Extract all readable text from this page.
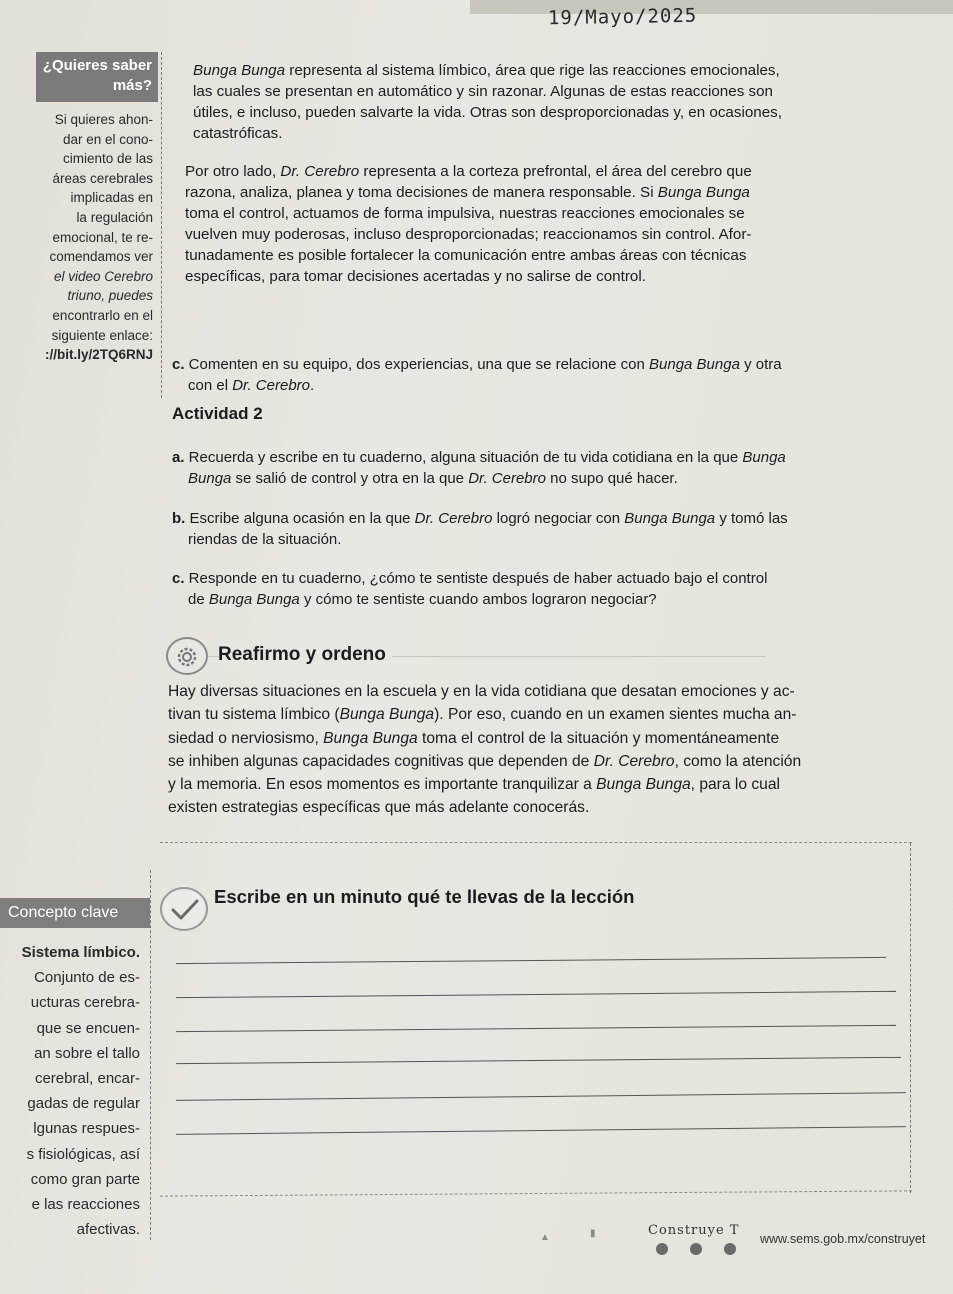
19/Mayo/2025
¿Quieres saber
más?
Si quieres ahon-
dar en el cono-
cimiento de las
áreas cerebrales
implicadas en
la regulación
emocional, te re-
comendamos ver
el video Cerebro
triuno, puedes
encontrarlo en el
siguiente enlace:
://bit.ly/2TQ6RNJ
Bunga Bunga representa al sistema límbico, área que rige las reacciones emocionales,
las cuales se presentan en automático y sin razonar. Algunas de estas reacciones son
útiles, e incluso, pueden salvarte la vida. Otras son desproporcionadas y, en ocasiones,
catastróficas.
Por otro lado, Dr. Cerebro representa a la corteza prefrontal, el área del cerebro que
razona, analiza, planea y toma decisiones de manera responsable. Si Bunga Bunga
toma el control, actuamos de forma impulsiva, nuestras reacciones emocionales se
vuelven muy poderosas, incluso desproporcionadas; reaccionamos sin control. Afor-
tunadamente es posible fortalecer la comunicación entre ambas áreas con técnicas
específicas, para tomar decisiones acertadas y no salirse de control.
c. Comenten en su equipo, dos experiencias, una que se relacione con Bunga Bunga y otra
con el Dr. Cerebro.
Actividad 2
a. Recuerda y escribe en tu cuaderno, alguna situación de tu vida cotidiana en la que Bunga
Bunga se salió de control y otra en la que Dr. Cerebro no supo qué hacer.
b. Escribe alguna ocasión en la que Dr. Cerebro logró negociar con Bunga Bunga y tomó las
riendas de la situación.
c. Responde en tu cuaderno, ¿cómo te sentiste después de haber actuado bajo el control
de Bunga Bunga y cómo te sentiste cuando ambos lograron negociar?
Reafirmo y ordeno
Hay diversas situaciones en la escuela y en la vida cotidiana que desatan emociones y ac-
tivan tu sistema límbico (Bunga Bunga). Por eso, cuando en un examen sientes mucha an-
siedad o nerviosismo, Bunga Bunga toma el control de la situación y momentáneamente
se inhiben algunas capacidades cognitivas que dependen de Dr. Cerebro, como la atención
y la memoria. En esos momentos es importante tranquilizar a Bunga Bunga, para lo cual
existen estrategias específicas que más adelante conocerás.
Concepto clave
Escribe en un minuto qué te llevas de la lección
Sistema límbico.
Conjunto de es-
ucturas cerebra-
que se encuen-
an sobre el tallo
cerebral, encar-
gadas de regular
lgunas respues-
s fisiológicas, así
como gran parte
e las reacciones
afectivas.	▲	▮	Construye T
www.sems.gob.mx/construyet
